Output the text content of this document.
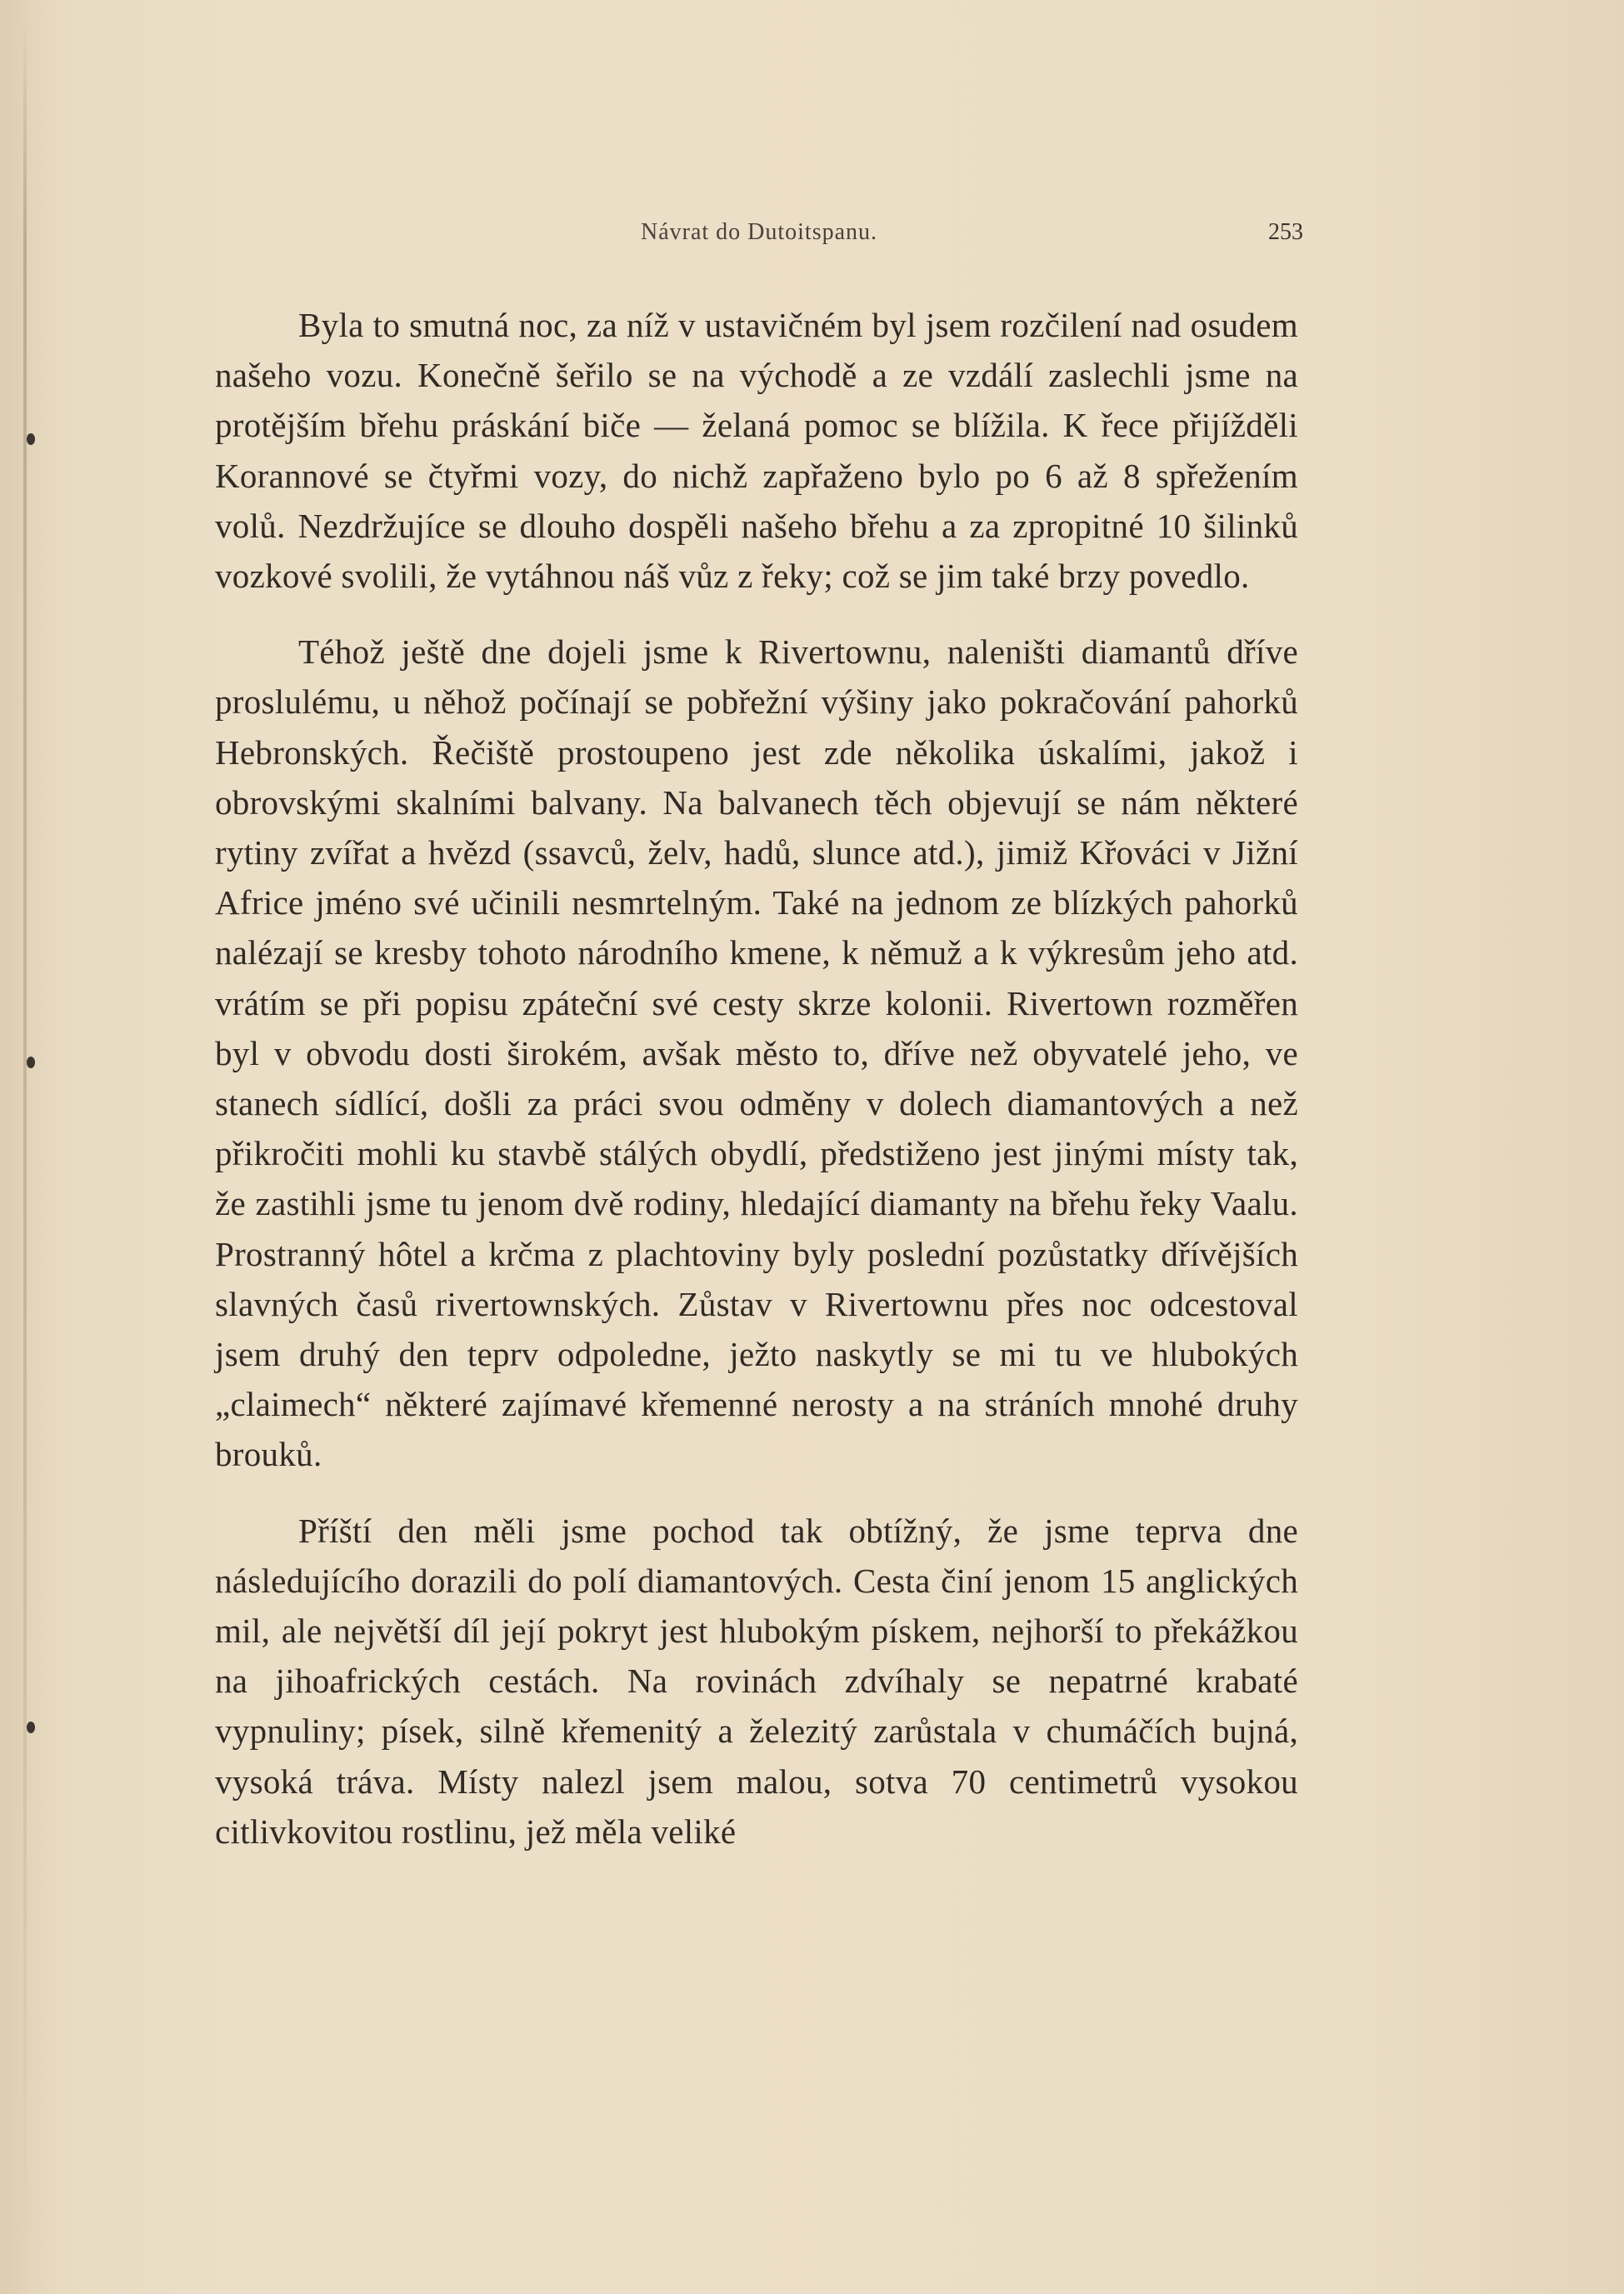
Návrat do Dutoitspanu.	253

Byla to smutná noc, za níž v ustavičném byl jsem rozčilení nad osudem našeho vozu. Konečně šeřilo se na východě a ze vzdálí zaslechli jsme na protějším břehu práskání biče — želaná pomoc se blížila. K řece přijížděli Korannové se čtyřmi vozy, do nichž zapřaženo bylo po 6 až 8 spřežením volů. Nezdržujíce se dlouho dospěli našeho břehu a za zpropitné 10 šilinků vozkové svolili, že vytáhnou náš vůz z řeky; což se jim také brzy povedlo.

Téhož ještě dne dojeli jsme k Rivertownu, naleništi diamantů dříve proslulému, u něhož počínají se pobřežní výšiny jako pokračování pahorků Hebronských. Řečiště prostoupeno jest zde několika úskalími, jakož i obrovskými skalními balvany. Na balvanech těch objevují se nám některé rytiny zvířat a hvězd (ssavců, želv, hadů, slunce atd.), jimiž Křováci v Jižní Africe jméno své učinili nesmrtelným. Také na jednom ze blízkých pahorků nalézají se kresby tohoto národního kmene, k němuž a k výkresům jeho atd. vrátím se při popisu zpáteční své cesty skrze kolonii. Rivertown rozměřen byl v obvodu dosti širokém, avšak město to, dříve než obyvatelé jeho, ve stanech sídlící, došli za práci svou odměny v dolech diamantových a než přikročiti mohli ku stavbě stálých obydlí, předstiženo jest jinými místy tak, že zastihli jsme tu jenom dvě rodiny, hledající diamanty na břehu řeky Vaalu. Prostranný hôtel a krčma z plachtoviny byly poslední pozůstatky dřívějších slavných časů rivertownských. Zůstav v Rivertownu přes noc odcestoval jsem druhý den teprv odpoledne, ježto naskytly se mi tu ve hlubokých „claimech“ některé zajímavé křemenné nerosty a na stráních mnohé druhy brouků.

Příští den měli jsme pochod tak obtížný, že jsme teprva dne následujícího dorazili do polí diamantových. Cesta činí jenom 15 anglických mil, ale největší díl její pokryt jest hlubokým pískem, nejhorší to překážkou na jihoafrických cestách. Na rovinách zdvíhaly se nepatrné krabaté vypnuliny; písek, silně křemenitý a železitý zarůstala v chumáčích bujná, vysoká tráva. Místy nalezl jsem malou, sotva 70 centimetrů vysokou citlivkovitou rostlinu, jež měla veliké
